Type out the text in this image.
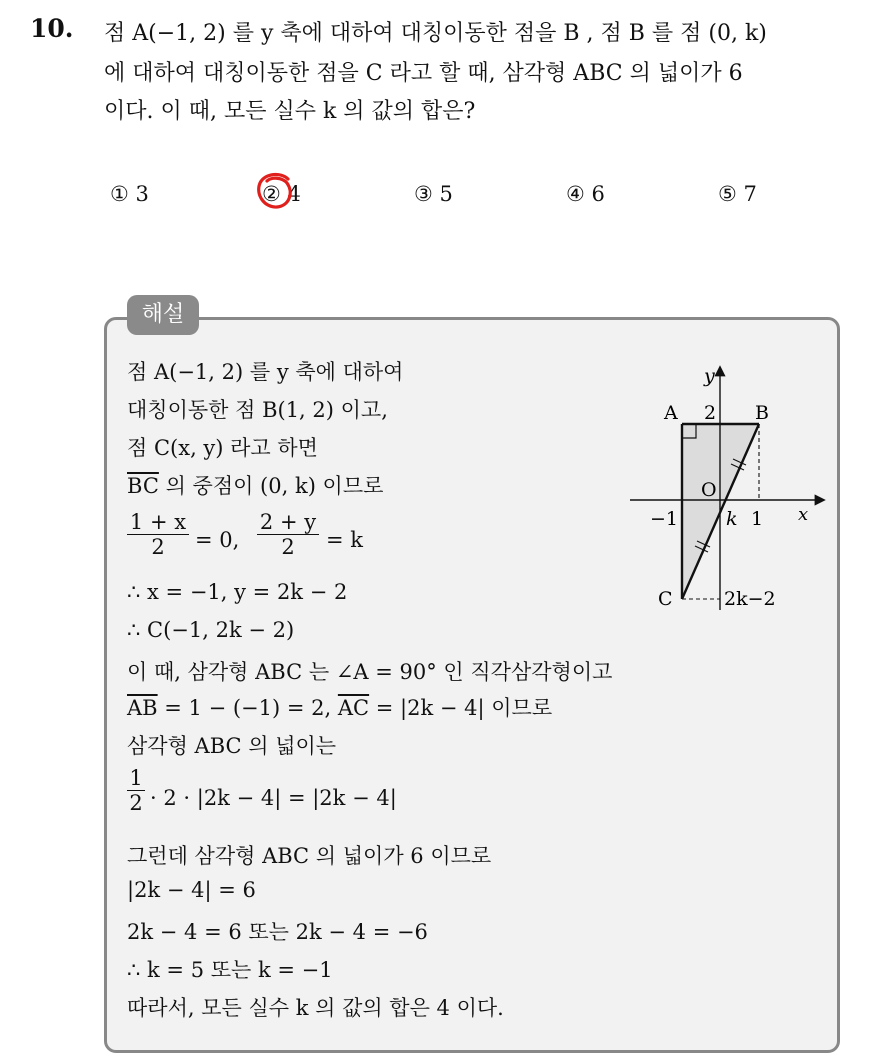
10. 점 A(−1, 2) 를 y 축에 대하여 대칭이동한 점을 B , 점 B 를 점 (0, k)
에 대하여 대칭이동한 점을 C 라고 할 때, 삼각형 ABC 의 넓이가 6
이다. 이 때, 모든 실수 k 의 값의 합은?
① 3	② 4	③ 5	④ 6	⑤ 7
해설
점 A(−1, 2) 를 y 축에 대하여
대칭이동한 점 B(1, 2) 이고,
점 C(x, y) 라고 하면
$\overline{BC}$ 의 중점이 (0, k) 이므로
1 + x
2	= 0,
2 + y
2	= k
∴ x = −1, y = 2k − 2
∴ C(−1, 2k − 2)
이 때, 삼각형 ABC 는 ∠A = 90° 인 직각삼각형이고
$\overline{AB} = 1 - (-1) = 2$, $\overline{AC} = |2k - 4|$ 이므로
삼각형 ABC 의 넓이는
1
2 · 2 · |2k − 4| = |2k − 4|
그런데 삼각형 ABC 의 넓이가 6 이므로
|2k − 4| = 6
2k − 4 = 6 또는 2k − 4 = −6
∴ k = 5 또는 k = −1
따라서, 모든 실수 k 의 값의 합은 4 이다.
y
x
A 2 B
O
−1	k 1
C	2k−2
